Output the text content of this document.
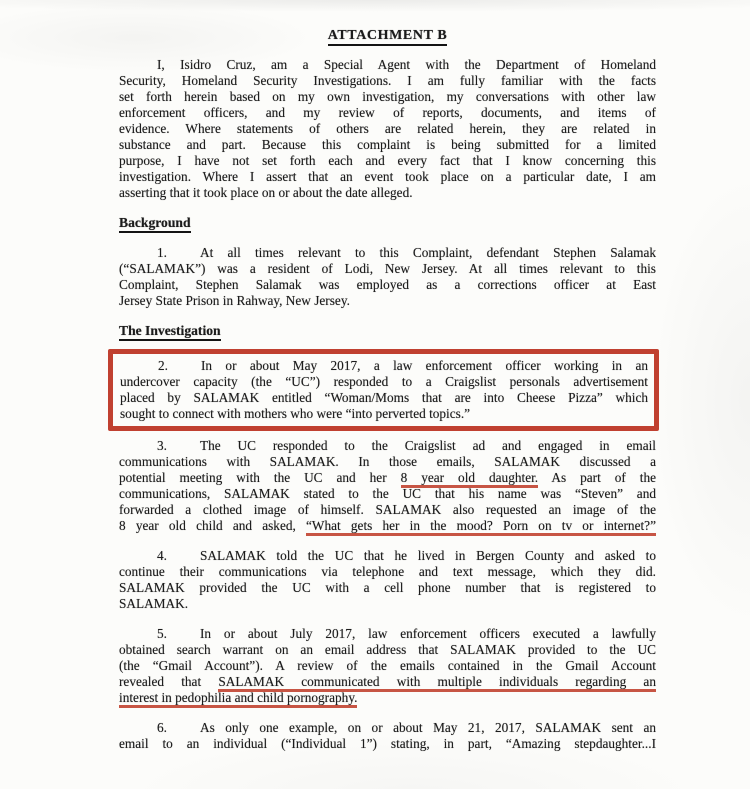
ATTACHMENT B
I, Isidro Cruz, am a Special Agent with the Department of Homeland
Security, Homeland Security Investigations. I am fully familiar with the facts
set forth herein based on my own investigation, my conversations with other law
enforcement officers, and my review of reports, documents, and items of
evidence. Where statements of others are related herein, they are related in
substance and part. Because this complaint is being submitted for a limited
purpose, I have not set forth each and every fact that I know concerning this
investigation. Where I assert that an event took place on a particular date, I am
asserting that it took place on or about the date alleged.
Background
1. At all times relevant to this Complaint, defendant Stephen Salamak
(“SALAMAK”) was a resident of Lodi, New Jersey. At all times relevant to this
Complaint, Stephen Salamak was employed as a corrections officer at East
Jersey State Prison in Rahway, New Jersey.
The Investigation
2. In or about May 2017, a law enforcement officer working in an
undercover capacity (the “UC”) responded to a Craigslist personals advertisement
placed by SALAMAK entitled “Woman/Moms that are into Cheese Pizza” which
sought to connect with mothers who were “into perverted topics.”
3. The UC responded to the Craigslist ad and engaged in email
communications with SALAMAK. In those emails, SALAMAK discussed a
potential meeting with the UC and her 8 year old daughter. As part of the
communications, SALAMAK stated to the UC that his name was “Steven” and
forwarded a clothed image of himself. SALAMAK also requested an image of the
8 year old child and asked, “What gets her in the mood? Porn on tv or internet?”
4. SALAMAK told the UC that he lived in Bergen County and asked to
continue their communications via telephone and text message, which they did.
SALAMAK provided the UC with a cell phone number that is registered to
SALAMAK.
5. In or about July 2017, law enforcement officers executed a lawfully
obtained search warrant on an email address that SALAMAK provided to the UC
(the “Gmail Account”). A review of the emails contained in the Gmail Account
revealed that SALAMAK communicated with multiple individuals regarding an
interest in pedophilia and child pornography.
6. As only one example, on or about May 21, 2017, SALAMAK sent an
email to an individual (“Individual 1”) stating, in part, “Amazing stepdaughter...I
